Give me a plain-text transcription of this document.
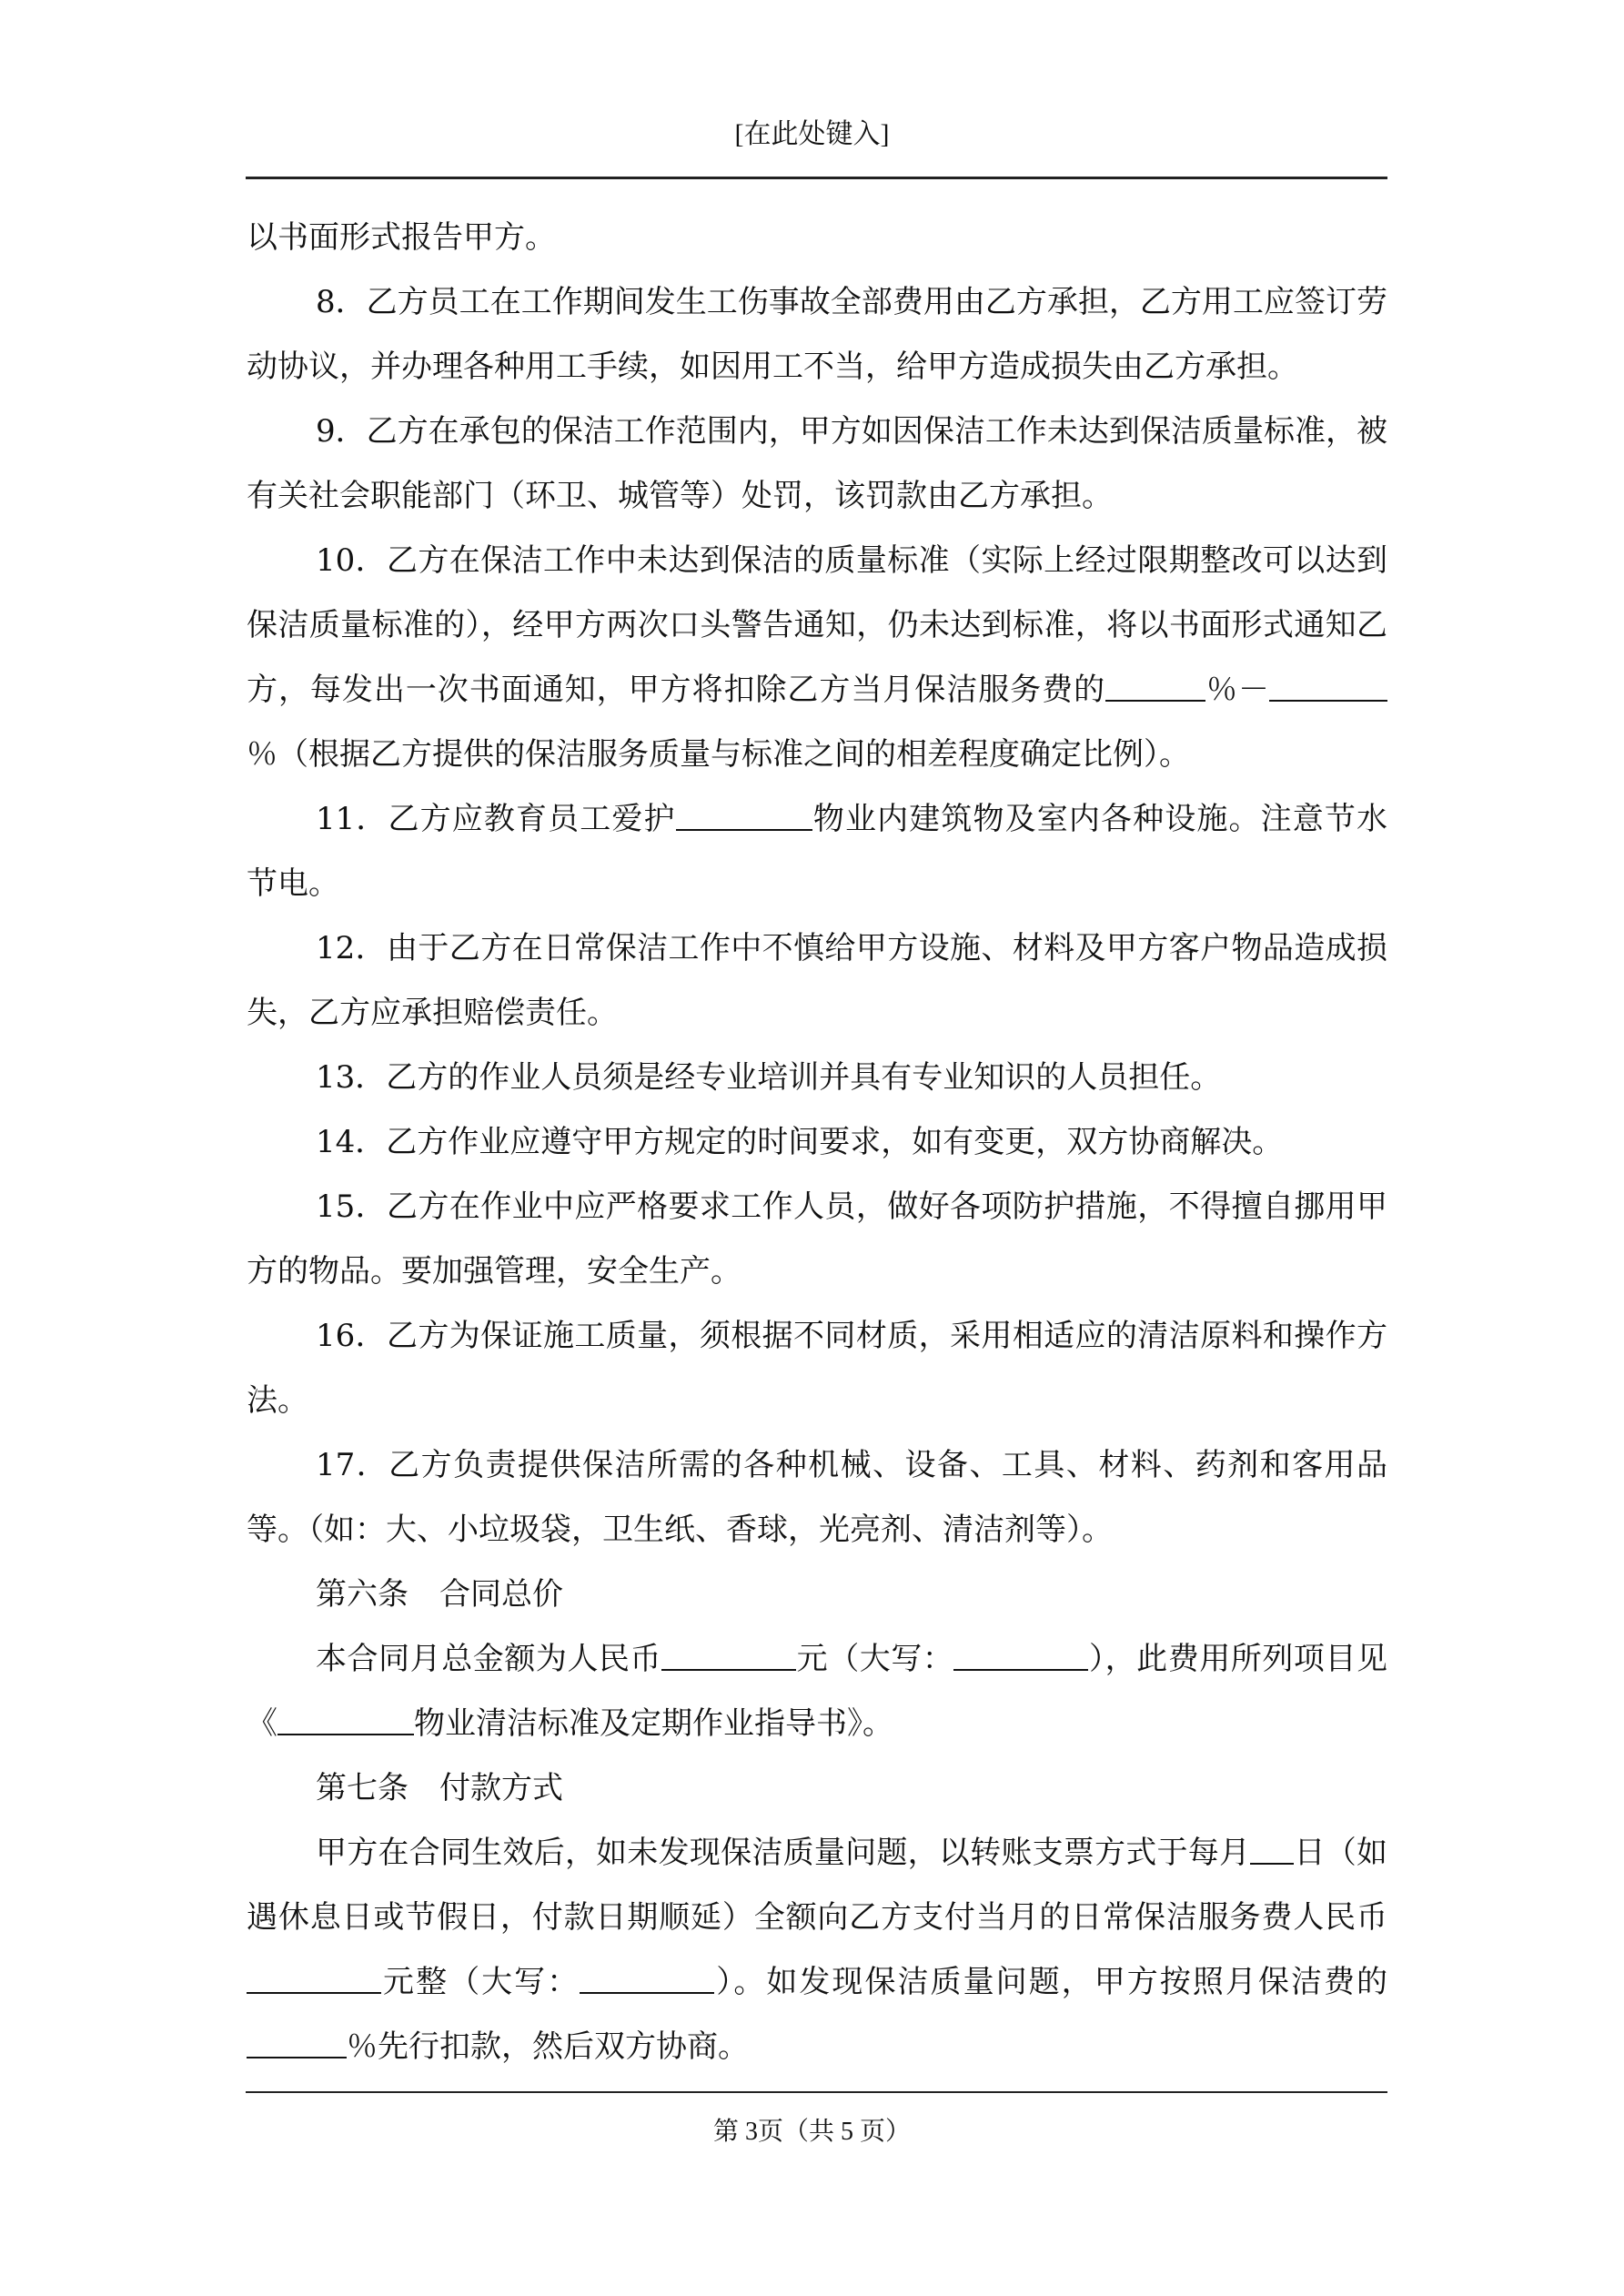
[在此处键入]

以书面形式报告甲方。

8．乙方员工在工作期间发生工伤事故全部费用由乙方承担，乙方用工应签订劳动协议，并办理各种用工手续，如因用工不当，给甲方造成损失由乙方承担。

9．乙方在承包的保洁工作范围内，甲方如因保洁工作未达到保洁质量标准，被有关社会职能部门（环卫、城管等）处罚，该罚款由乙方承担。

10．乙方在保洁工作中未达到保洁的质量标准（实际上经过限期整改可以达到保洁质量标准的），经甲方两次口头警告通知，仍未达到标准，将以书面形式通知乙方，每发出一次书面通知，甲方将扣除乙方当月保洁服务费的	％－％（根据乙方提供的保洁服务质量与标准之间的相差程度确定比例）。

11．乙方应教育员工爱护	物业内建筑物及室内各种设施。注意节水节电。

12．由于乙方在日常保洁工作中不慎给甲方设施、材料及甲方客户物品造成损失，乙方应承担赔偿责任。

13．乙方的作业人员须是经专业培训并具有专业知识的人员担任。

14．乙方作业应遵守甲方规定的时间要求，如有变更，双方协商解决。

15．乙方在作业中应严格要求工作人员，做好各项防护措施，不得擅自挪用甲方的物品。要加强管理，安全生产。

16．乙方为保证施工质量，须根据不同材质，采用相适应的清洁原料和操作方法。

17．乙方负责提供保洁所需的各种机械、设备、工具、材料、药剂和客用品等。（如：大、小垃圾袋，卫生纸、香球，光亮剂、清洁剂等）。

第六条　合同总价

本合同月总金额为人民币	元（大写：	），此费用所列项目见《	物业清洁标准及定期作业指导书》。

第七条　付款方式

甲方在合同生效后，如未发现保洁质量问题，以转账支票方式于每月 日（如遇休息日或节假日，付款日期顺延）全额向乙方支付当月的日常保洁服务费人民币元整（大写：	）。如发现保洁质量问题，甲方按照月保洁费的％先行扣款，然后双方协商。

第 3页（共 5 页）
